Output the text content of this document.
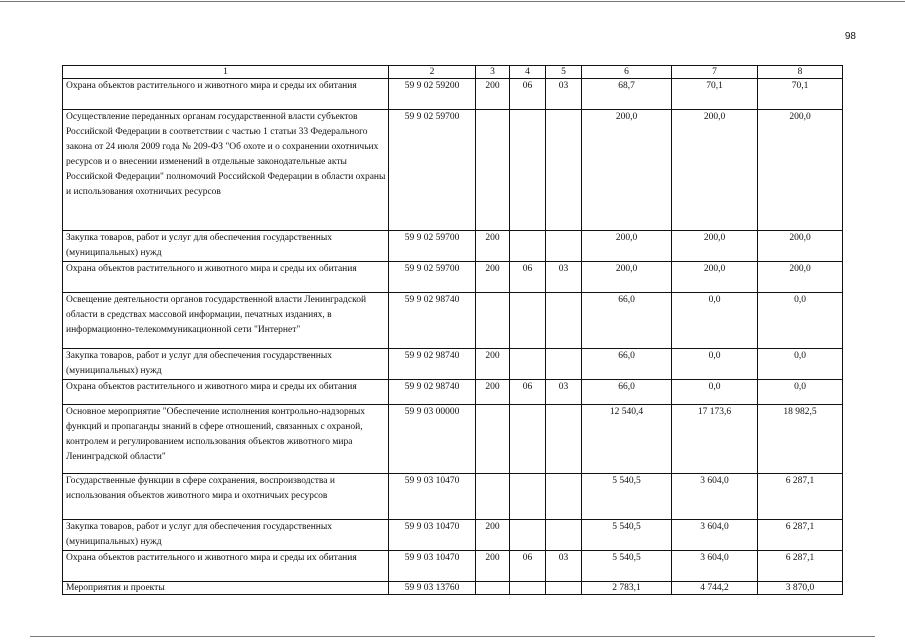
98
1	2	3	4	5	6	7	8
Охрана объектов растительного и животного мира и среды их обитания	59 9 02 59200	200	06	03	68,7	70,1	70,1
Осуществление переданных органам государственной власти субъектов Российской Федерации в соответствии с частью 1 статьи 33 Федерального закона от 24 июля 2009 года № 209-ФЗ "Об охоте и о сохранении охотничьих ресурсов и о внесении изменений в отдельные законодательные акты Российской Федерации" полномочий Российской Федерации в области охраны и использования охотничьих ресурсов	59 9 02 59700				200,0	200,0	200,0
Закупка товаров, работ и услуг для обеспечения государственных (муниципальных) нужд	59 9 02 59700	200			200,0	200,0	200,0
Охрана объектов растительного и животного мира и среды их обитания	59 9 02 59700	200	06	03	200,0	200,0	200,0
Освещение деятельности органов государственной власти Ленинградской области в средствах массовой информации, печатных изданиях, в информационно-телекоммуникационной сети "Интернет"	59 9 02 98740				66,0	0,0	0,0
Закупка товаров, работ и услуг для обеспечения государственных (муниципальных) нужд	59 9 02 98740	200			66,0	0,0	0,0
Охрана объектов растительного и животного мира и среды их обитания	59 9 02 98740	200	06	03	66,0	0,0	0,0
Основное мероприятие "Обеспечение исполнения контрольно-надзорных функций и пропаганды знаний в сфере отношений, связанных с охраной, контролем и регулированием использования объектов животного мира Ленинградской области"	59 9 03 00000				12 540,4	17 173,6	18 982,5
Государственные функции в сфере сохранения, воспроизводства и использования объектов животного мира и охотничьих ресурсов	59 9 03 10470				5 540,5	3 604,0	6 287,1
Закупка товаров, работ и услуг для обеспечения государственных (муниципальных) нужд	59 9 03 10470	200			5 540,5	3 604,0	6 287,1
Охрана объектов растительного и животного мира и среды их обитания	59 9 03 10470	200	06	03	5 540,5	3 604,0	6 287,1
Мероприятия и проекты	59 9 03 13760				2 783,1	4 744,2	3 870,0
